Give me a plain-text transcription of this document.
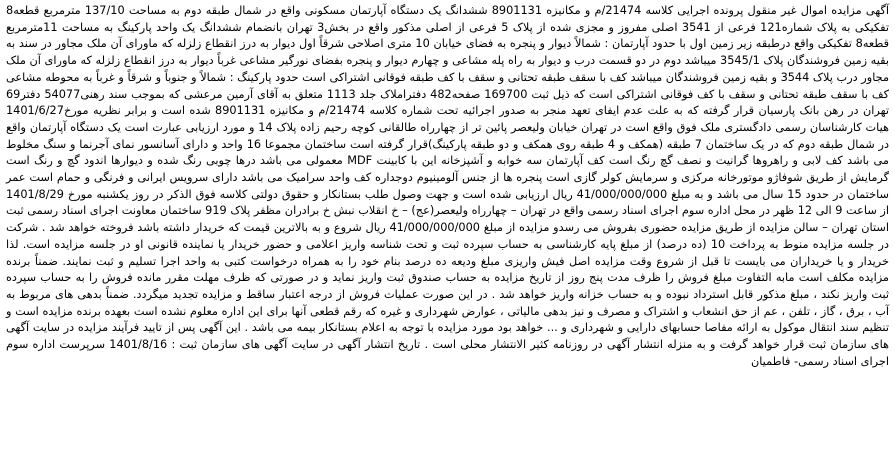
آگهی مزایده اموال غیر منقول پرونده اجرایی کلاسه 21474/م و مکانیزه 8901131 ششدانگ یک دستگاه آپارتمان مسکونی واقع در شمال طبقه دوم به مساحت 137/10 مترمربع قطعه8 تفکیکی به پلاک شماره121 فرعی از 3541 اصلی مفروز و مجزی شده از پلاک 5 فرعی از اصلی مذکور واقع در بخش3 تهران بانضمام ششدانگ یک واحد پارکینگ به مساحت 11مترمربع قطعه8 تفکیکی واقع درطبقه زیر زمین اول با حدود آپارتمان : شمالاً دیوار و پنجره به فضای خیابان 10 متری اصلاحی شرقاً اول دیوار به درز انقطاع زلزله که ماورای آن ملک مجاور در سند به بقیه زمین فروشندگان پلاک 3545/1 میباشد دوم در دو قسمت درب و دیوار به راه پله مشاعی و چهارم دیوار و پنجره بفضای نورگیر مشاعی غرباً دیوار به درز انقطاع زلزله که ماورای آن ملک مجاور درب پلاک 3544 و بقیه زمین فروشندگان میباشد کف با سقف طبقه تحتانی و سقف با کف طبقه فوقانی اشتراکی است حدود پارکینگ : شمالاً و جنوباً و شرقاً و غرباً به محوطه مشاعی کف با سقف طبقه تحتانی و سقف با کف فوقانی اشتراکی است که ذیل ثبت 169700 صفحه482 دفتراملاک جلد 1113 متعلق به آقای آرمین مرعشی که بموجب سند رهنی54077 دفتر69 تهران در رهن بانک پارسیان قرار گرفته که به علت عدم ایفای تعهد منجر به صدور اجرائیه تحت شماره کلاسه 21474/م و مکانیزه 8901131 شده است و برابر نظریه مورخ1401/6/27 هیات کارشناسان رسمی دادگستری ملک فوق واقع است در تهران خیابان ولیعصر پائین تر از چهارراه طالقانی کوچه رحیم زاده پلاک 14 و مورد ارزیابی عبارت است یک دستگاه آپارتمان واقع در شمال طبقه دوم که در یک ساختمان 7 طبقه (همکف و 4 طبقه روی همکف و دو طبقه پارکینگ)قرار گرفته است ساختمان مجموعا 16 واحد و دارای آسانسور نمای آجرنما و سنگ مخلوط می باشد کف لابی و راهروها گرانیت و نصف گچ رنگ است کف آپارتمان سه خوابه و آشپزخانه این با کابینت MDF معمولی می باشد درها چوبی رنگ شده و دیوارها اندود گچ و رنگ است گرمایش از طریق شوفاژو موتورخانه مرکزی و سرمایش کولر گازی است پنجره ها از جنس آلومینیوم دوجداره کف واحد سرامیک می باشد دارای سرویس ایرانی و فرنگی و حمام است عمر ساختمان در حدود 15 سال می باشد و به مبلغ 41/000/000/000 ریال ارزیابی شده است و جهت وصول طلب بستانکار و حقوق دولتی کلاسه فوق الذکر در روز یکشنبه مورخ 1401/8/29 از ساعت 9 الی 12 ظهر در محل اداره سوم اجرای اسناد رسمی واقع در تهران – چهارراه ولیعصر(عج) – خ انقلاب نبش خ برادران مظفر پلاک 919 ساختمان معاونت اجرای اسناد رسمی ثبت استان تهران – سالن مزایده از طریق مزایده حضوری بفروش می رسدو مزایده از مبلغ 41/000/000/000 ریال شروع و به بالاترین قیمت که خریدار داشته باشد فروخته خواهد شد . شرکت در جلسه مزایده منوط به پرداخت 10 (ده درصد) از مبلغ پایه کارشناسی به حساب سپرده ثبت و تحت شناسه واریز اعلامی و حضور خریدار یا نماینده قانونی او در جلسه مزایده است. لذا خریدار و یا خریداران می بایست تا قبل از شروع وقت مزایده اصل فیش واریزی مبلغ ودیعه ده درصد بنام خود را به همراه درخواست کتبی به واحد اجرا تسلیم و ثبت نمایند. ضمناً برنده مزایده مکلف است مابه التفاوت مبلغ فروش را ظرف مدت پنج روز از تاریخ مزایده به حساب صندوق ثبت واریز نماید و در صورتی که ظرف مهلت مقرر مانده فروش را به حساب سپرده ثبت واریز نکند ، مبلغ مذکور قابل استرداد نبوده و به حساب خزانه واریز خواهد شد . در این صورت عملیات فروش از درجه اعتبار ساقط و مزایده تجدید میگردد. ضمناً بدهی های مربوط به آب ، برق ، گاز ، تلفن ، عم از حق انشعاب و اشتراک و مصرف و نیز بدهی مالیاتی ، عوارض شهرداری و غیره که رقم قطعی آنها برای این اداره معلوم نشده است بعهده برنده مزایده است و تنظیم سند انتقال موکول به ارائه مفاصا حسابهای دارایی و شهرداری و ... خواهد بود مورد مزایده با توجه به اعلام بستانکار بیمه می باشد . این آگهی پس از تایید فرآیند مزایده در سایت آگهی های سازمان ثبت قرار خواهد گرفت و به منزله انتشار آگهی در روزنامه کثیر الانتشار محلی است . تاریخ انتشار آگهی در سایت آگهی های سازمان ثبت : 1401/8/16 سرپرست اداره سوم اجرای اسناد رسمی- فاطمیان
